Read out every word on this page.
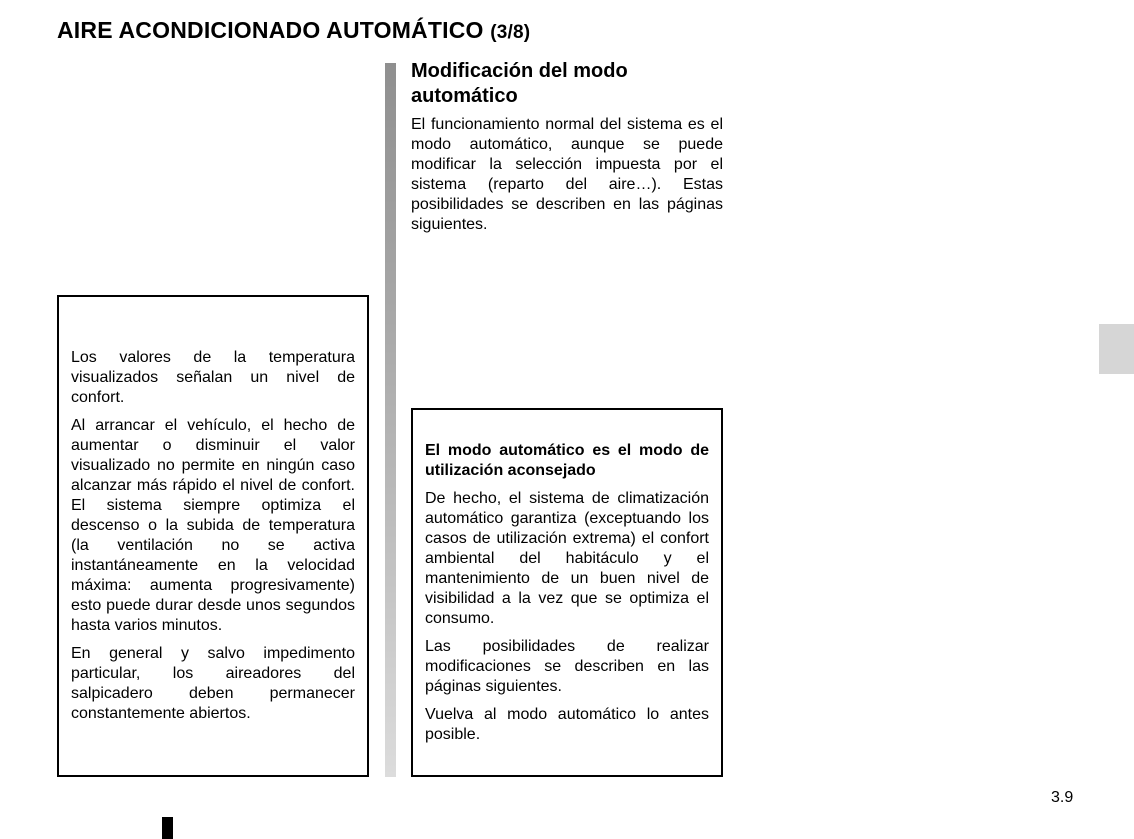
AIRE ACONDICIONADO AUTOMÁTICO (3/8)
Modificación del modo automático

El funcionamiento normal del sistema es el modo automático, aunque se puede modificar la selección impuesta por el sistema (reparto del aire…). Estas posibilidades se describen en las páginas siguientes.

Los valores de la temperatura visualizados señalan un nivel de confort.

Al arrancar el vehículo, el hecho de aumentar o disminuir el valor visualizado no permite en ningún caso alcanzar más rápido el nivel de confort. El sistema siempre optimiza el descenso o la subida de temperatura (la ventilación no se activa instantáneamente en la velocidad máxima: aumenta progresivamente) esto puede durar desde unos segundos hasta varios minutos.

En general y salvo impedimento particular, los aireadores del salpicadero deben permanecer constantemente abiertos.

El modo automático es el modo de utilización aconsejado

De hecho, el sistema de climatización automático garantiza (exceptuando los casos de utilización extrema) el confort ambiental del habitáculo y el mantenimiento de un buen nivel de visibilidad a la vez que se optimiza el consumo.

Las posibilidades de realizar modificaciones se describen en las páginas siguientes.

Vuelva al modo automático lo antes posible.

3.9
